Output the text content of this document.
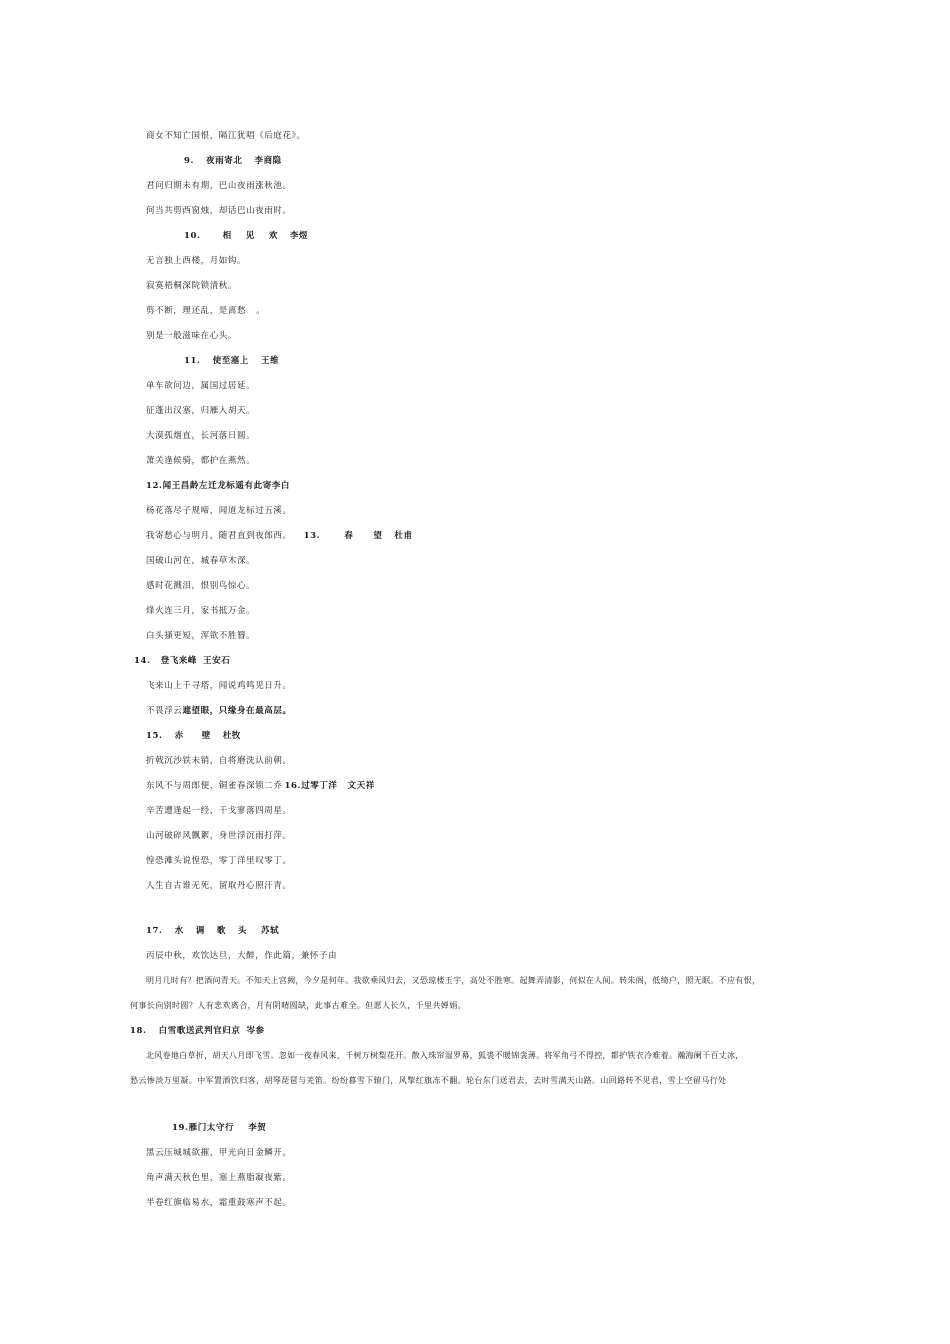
商女不知亡国恨，隔江犹唱《后庭花》。
9. 夜雨寄北 李商隐
君问归期未有期，巴山夜雨涨秋池。
何当共剪西窗烛，却话巴山夜雨时。
10.	相 见 欢 李煜
无言独上西楼，月如钩。
寂寞梧桐深院锁清秋。
剪不断，理还乱，是离愁 。
别是一般滋味在心头。
11. 使至塞上 王维
单车欲问边，属国过居延。
征蓬出汉塞，归雁入胡天。
大漠孤烟直，长河落日圆。
萧关逢候骑，都护在燕然。
12.闻王昌龄左迁龙标遥有此寄李白
杨花落尽子规啼，闻道龙标过五溪。
我寄愁心与明月，随君直到夜郎西。 13.	春 望 杜甫
国破山河在，城春草木深。
感时花溅泪，恨别鸟惊心。
烽火连三月，家书抵万金。
白头搔更短，浑欲不胜簪。
14. 登飞来峰 王安石
飞来山上千寻塔，闻说鸡鸣见日升。
不畏浮云遮望眼，只缘身在最高层。
15. 赤 壁 杜牧
折戟沉沙铁未销，自将磨洗认前朝。
东风不与周郎便，铜雀春深锁二乔 16.过零丁洋 文天祥
辛苦遭逢起一经，干戈寥落四周星。
山河破碎风飘絮，身世浮沉雨打萍。
惶恐滩头说惶恐，零丁洋里叹零丁。
人生自古谁无死，留取丹心照汗青。
17. 水 调 歌 头 苏轼
丙辰中秋，欢饮达旦，大醉，作此篇，兼怀子由
明月几时有？把酒问青天。不知天上宫阙，今夕是何年。我欲乘风归去，又恐琼楼玉宇，高处不胜寒。起舞弄清影，何似在人间。转朱阁，低绮户，照无眠。不应有恨，
何事长向别时圆？人有悲欢离合，月有阴晴圆缺，此事古难全。但愿人长久，千里共婵娟。
18. 白雪歌送武判官归京 岑参
北风卷地白草折，胡天八月即飞雪。忽如一夜春风来，千树万树梨花开。散入珠帘湿罗幕，狐裘不暖锦衾薄。将军角弓不得控，都护铁衣冷难着。瀚海阑干百丈冰，
愁云惨淡万里凝。中军置酒饮归客，胡琴琵琶与羌笛。纷纷暮雪下辕门，风掣红旗冻不翻。轮台东门送君去，去时雪满天山路。山回路转不见君，雪上空留马行处
19.雁门太守行 李贺
黑云压城城欲摧，甲光向日金鳞开。
角声满天秋色里，塞上燕脂凝夜紫。
半卷红旗临易水，霜重鼓寒声不起。
